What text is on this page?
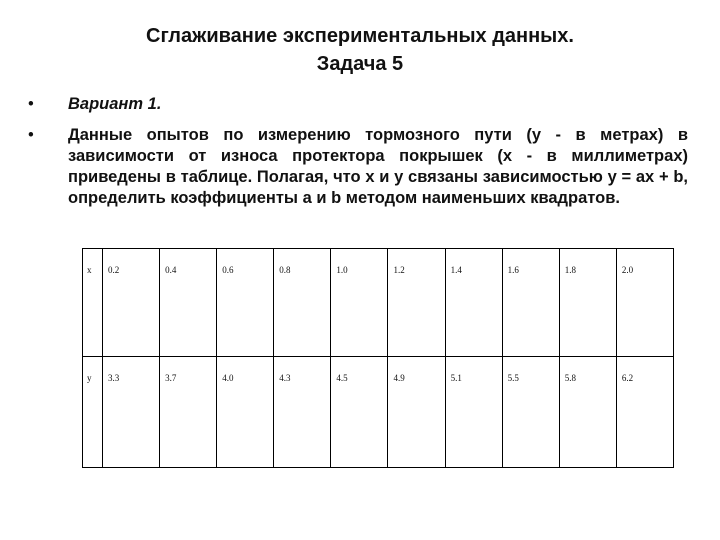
Сглаживание экспериментальных данных.
Задача 5
• Вариант 1.
• Данные опытов по измерению тормозного пути (y - в метрах) в зависимости от износа протектора покрышек (x - в миллиметрах) приведены в таблице. Полагая, что x и y связаны зависимостью y = ax + b, определить коэффициенты a и b методом наименьших квадратов.
x	0.2	0.4	0.6	0.8	1.0	1.2	1.4	1.6	1.8	2.0
y	3.3	3.7	4.0	4.3	4.5	4.9	5.1	5.5	5.8	6.2
